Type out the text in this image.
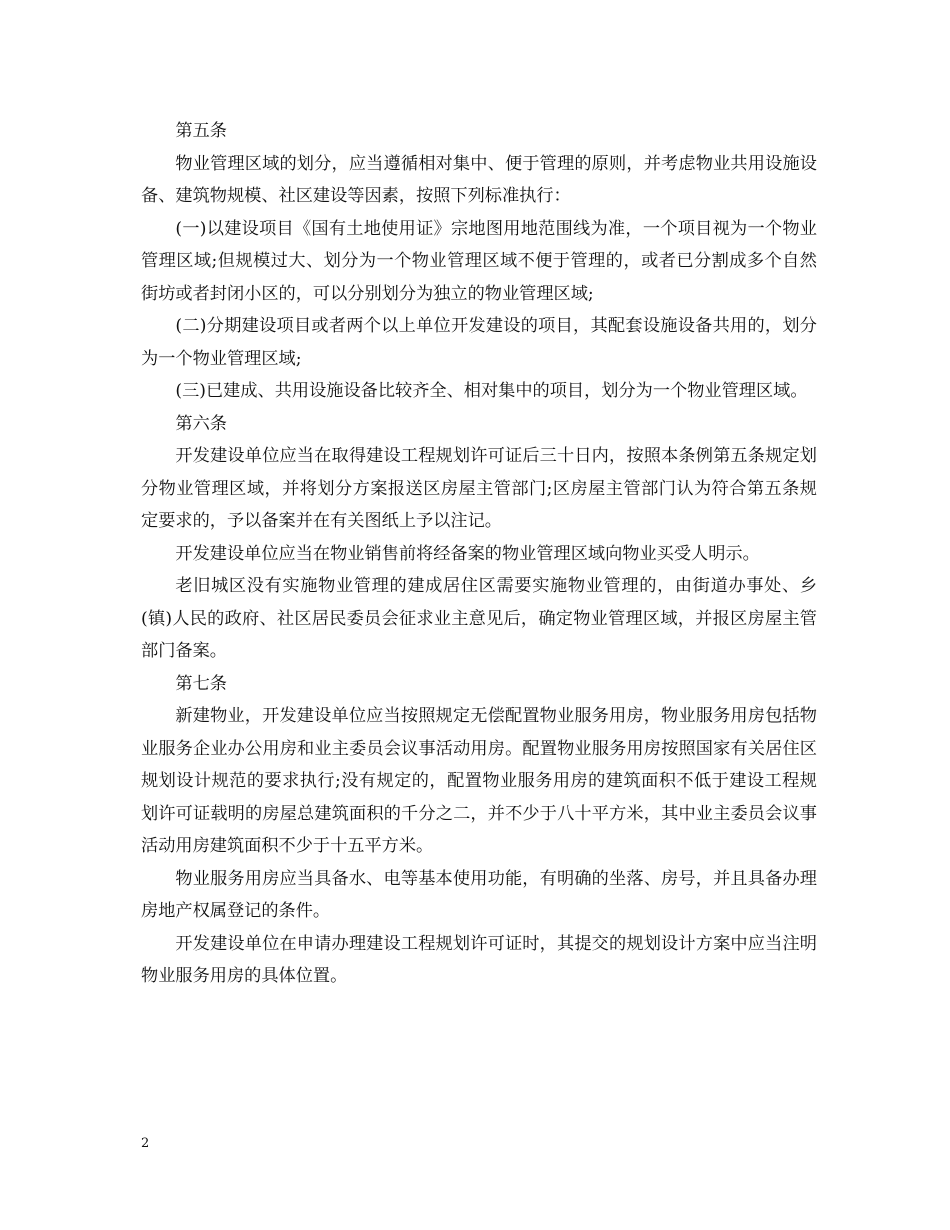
第五条

物业管理区域的划分，应当遵循相对集中、便于管理的原则，并考虑物业共用设施设备、建筑物规模、社区建设等因素，按照下列标准执行：

(一)以建设项目《国有土地使用证》宗地图用地范围线为准，一个项目视为一个物业管理区域;但规模过大、划分为一个物业管理区域不便于管理的，或者已分割成多个自然街坊或者封闭小区的，可以分别划分为独立的物业管理区域;

(二)分期建设项目或者两个以上单位开发建设的项目，其配套设施设备共用的，划分为一个物业管理区域;

(三)已建成、共用设施设备比较齐全、相对集中的项目，划分为一个物业管理区域。

第六条

开发建设单位应当在取得建设工程规划许可证后三十日内，按照本条例第五条规定划分物业管理区域，并将划分方案报送区房屋主管部门;区房屋主管部门认为符合第五条规定要求的，予以备案并在有关图纸上予以注记。

开发建设单位应当在物业销售前将经备案的物业管理区域向物业买受人明示。

老旧城区没有实施物业管理的建成居住区需要实施物业管理的，由街道办事处、乡(镇)人民的政府、社区居民委员会征求业主意见后，确定物业管理区域，并报区房屋主管部门备案。

第七条

新建物业，开发建设单位应当按照规定无偿配置物业服务用房，物业服务用房包括物业服务企业办公用房和业主委员会议事活动用房。配置物业服务用房按照国家有关居住区规划设计规范的要求执行;没有规定的，配置物业服务用房的建筑面积不低于建设工程规划许可证载明的房屋总建筑面积的千分之二，并不少于八十平方米，其中业主委员会议事活动用房建筑面积不少于十五平方米。

物业服务用房应当具备水、电等基本使用功能，有明确的坐落、房号，并且具备办理房地产权属登记的条件。

开发建设单位在申请办理建设工程规划许可证时，其提交的规划设计方案中应当注明物业服务用房的具体位置。

2
